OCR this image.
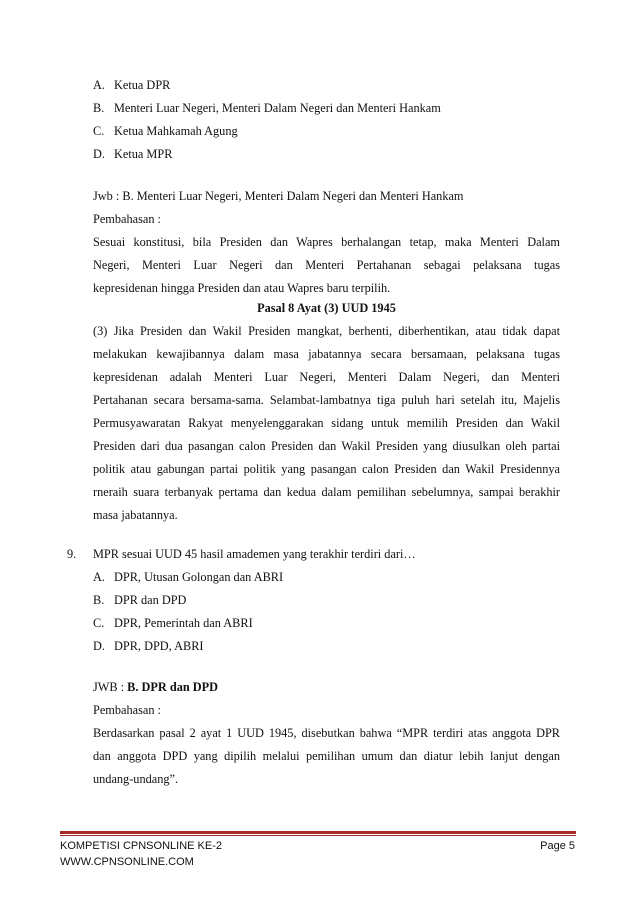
A. Ketua DPR
B. Menteri Luar Negeri, Menteri Dalam Negeri dan Menteri Hankam
C. Ketua Mahkamah Agung
D. Ketua MPR
Jwb : B. Menteri Luar Negeri, Menteri Dalam Negeri dan Menteri Hankam
Pembahasan :
Sesuai konstitusi, bila Presiden dan Wapres berhalangan tetap, maka Menteri Dalam
Negeri, Menteri Luar Negeri dan Menteri Pertahanan sebagai pelaksana tugas
kepresidenan hingga Presiden dan atau Wapres baru terpilih.
Pasal 8 Ayat (3) UUD 1945
(3) Jika Presiden dan Wakil Presiden mangkat, berhenti, diberhentikan, atau tidak dapat
melakukan kewajibannya dalam masa jabatannya secara bersamaan, pelaksana tugas
kepresidenan adalah Menteri Luar Negeri, Menteri Dalam Negeri, dan Menteri
Pertahanan secara bersama-sama. Selambat-lambatnya tiga puluh hari setelah itu, Majelis
Permusyawaratan Rakyat menyelenggarakan sidang untuk memilih Presiden dan Wakil
Presiden dari dua pasangan calon Presiden dan Wakil Presiden yang diusulkan oleh partai
politik atau gabungan partai politik yang pasangan calon Presiden dan Wakil Presidennya
rneraih suara terbanyak pertama dan kedua dalam pemilihan sebelumnya, sampai berakhir
masa jabatannya.
9. MPR sesuai UUD 45 hasil amademen yang terakhir terdiri dari…
A. DPR, Utusan Golongan dan ABRI
B. DPR dan DPD
C. DPR, Pemerintah dan ABRI
D. DPR, DPD, ABRI
JWB : B. DPR dan DPD
Pembahasan :
Berdasarkan pasal 2 ayat 1 UUD 1945, disebutkan bahwa “MPR terdiri atas anggota DPR
dan anggota DPD yang dipilih melalui pemilihan umum dan diatur lebih lanjut dengan
undang-undang”.
KOMPETISI CPNSONLINE KE-2
WWW.CPNSONLINE.COM
Page 5
